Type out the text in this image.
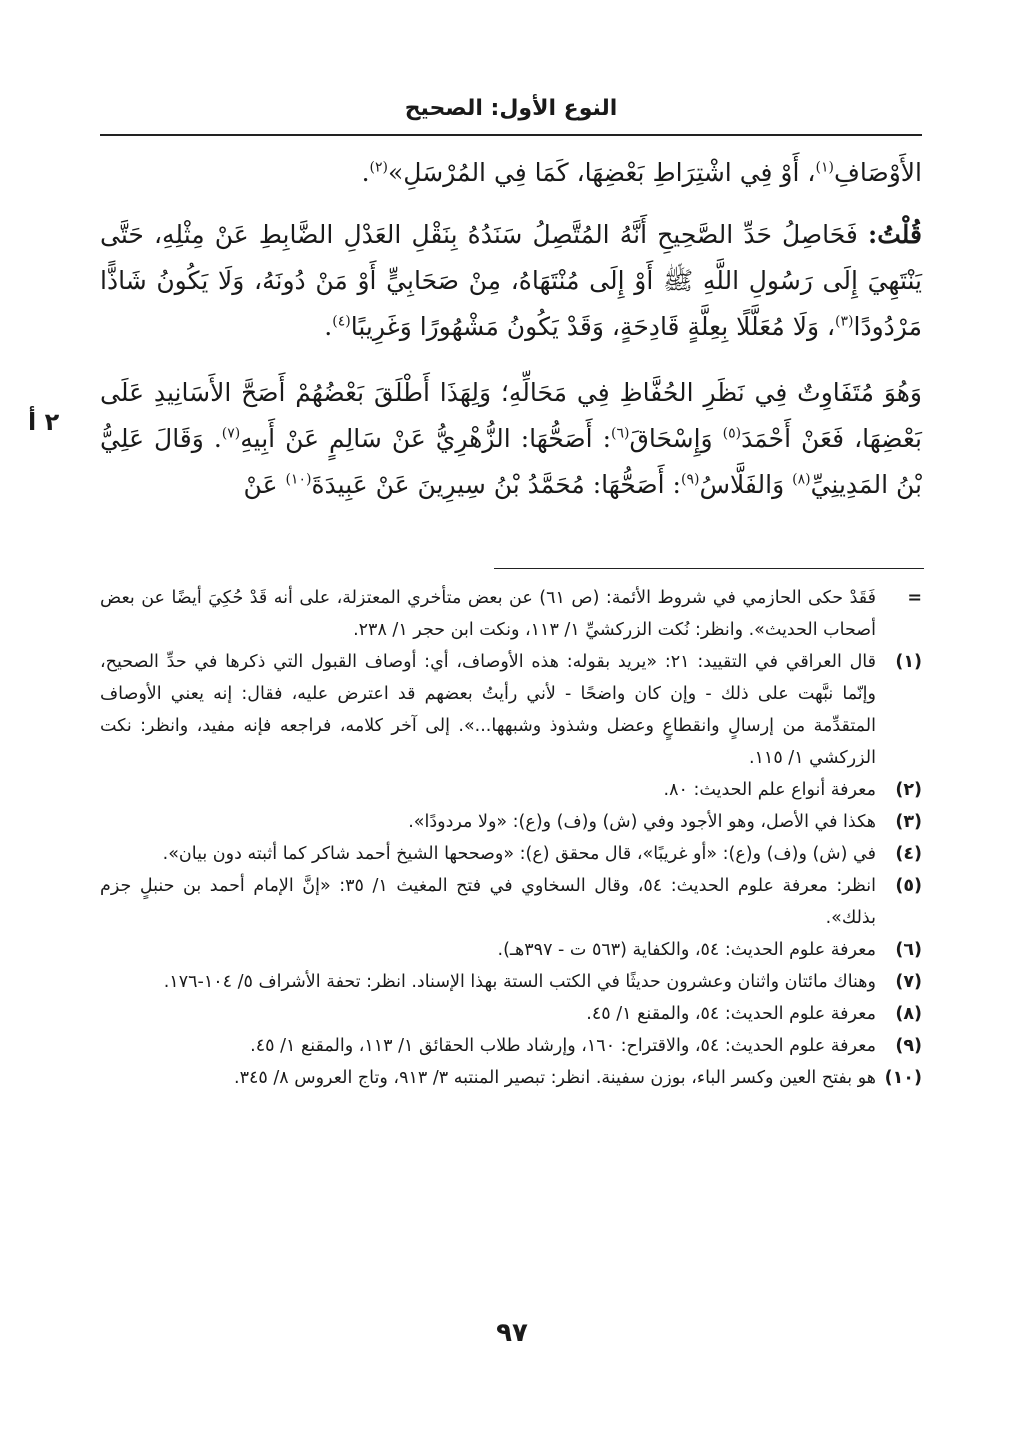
النوع الأول: الصحيح
٢ أ

الأَوْصَافِ$^{(١)}$، أَوْ فِي اشْتِرَاطِ بَعْضِهَا، كَمَا فِي المُرْسَلِ»$^{(٢)}$.

قُلْتُ: فَحَاصِلُ حَدِّ الصَّحِيحِ أَنَّهُ المُتَّصِلُ سَنَدُهُ بِنَقْلِ العَدْلِ الضَّابِطِ عَنْ مِثْلِهِ، حَتَّى يَنْتَهِيَ إِلَى رَسُولِ اللَّهِ ﷺ أَوْ إِلَى مُنْتَهَاهُ، مِنْ صَحَابِيٍّ أَوْ مَنْ دُونَهُ، وَلَا يَكُونُ شَاذًّا مَرْدُودًا$^{(٣)}$، وَلَا مُعَلَّلًا بِعِلَّةٍ قَادِحَةٍ، وَقَدْ يَكُونُ مَشْهُورًا وَغَرِيبًا$^{(٤)}$.

وَهُوَ مُتَفَاوِتٌ فِي نَظَرِ الحُفَّاظِ فِي مَحَالِّهِ؛ وَلِهَذَا أَطْلَقَ بَعْضُهُمْ أَصَحَّ الأَسَانِيدِ عَلَى بَعْضِهَا، فَعَنْ أَحْمَدَ$^{(٥)}$ وَإِسْحَاقَ$^{(٦)}$: أَصَحُّهَا: الزُّهْرِيُّ عَنْ سَالِمٍ عَنْ أَبِيهِ$^{(٧)}$. وَقَالَ عَلِيُّ بْنُ المَدِينِيِّ$^{(٨)}$ وَالفَلَّاسُ$^{(٩)}$: أَصَحُّهَا: مُحَمَّدُ بْنُ سِيرِينَ عَنْ عَبِيدَةَ$^{(١٠)}$ عَنْ

=
فَقَدْ حكى الحازمي في شروط الأئمة: (ص ٦١) عن بعض متأخري المعتزلة، على أنه قَدْ حُكِيَ أيضًا عن بعض أصحاب الحديث». وانظر: نُكت الزركشيِّ ١/ ١١٣، ونكت ابن حجر ١/ ٢٣٨.
(١)
قال العراقي في التقييد: ٢١: «يريد بقوله: هذه الأوصاف، أي: أوصاف القبول التي ذكرها في حدِّ الصحيح، وإنّما نبَّهت على ذلك - وإن كان واضحًا - لأني رأيتُ بعضهم قد اعترض عليه، فقال: إنه يعني الأوصاف المتقدِّمة من إرسالٍ وانقطاعٍ وعضل وشذوذ وشبهها...». إلى آخر كلامه، فراجعه فإنه مفيد، وانظر: نكت الزركشي ١/ ١١٥.
(٢)
معرفة أنواع علم الحديث: ٨٠.
(٣)
هكذا في الأصل، وهو الأجود وفي (ش) و(ف) و(ع): «ولا مردودًا».
(٤)
في (ش) و(ف) و(ع): «أو غريبًا»، قال محقق (ع): «وصححها الشيخ أحمد شاكر كما أثبته دون بيان».
(٥)
انظر: معرفة علوم الحديث: ٥٤، وقال السخاوي في فتح المغيث ١/ ٣٥: «إنَّ الإمام أحمد بن حنبلٍ جزم بذلك».
(٦)
معرفة علوم الحديث: ٥٤، والكفاية (٥٦٣ ت - ٣٩٧هـ).
(٧)
وهناك مائتان واثنان وعشرون حديثًا في الكتب الستة بهذا الإسناد. انظر: تحفة الأشراف ٥/ ١٠٤-١٧٦.
(٨)
معرفة علوم الحديث: ٥٤، والمقنع ١/ ٤٥.
(٩)
معرفة علوم الحديث: ٥٤، والاقتراح: ١٦٠، وإرشاد طلاب الحقائق ١/ ١١٣، والمقنع ١/ ٤٥.
(١٠)
هو بفتح العين وكسر الباء، بوزن سفينة. انظر: تبصير المنتبه ٣/ ٩١٣، وتاج العروس ٨/ ٣٤٥.
٩٧
